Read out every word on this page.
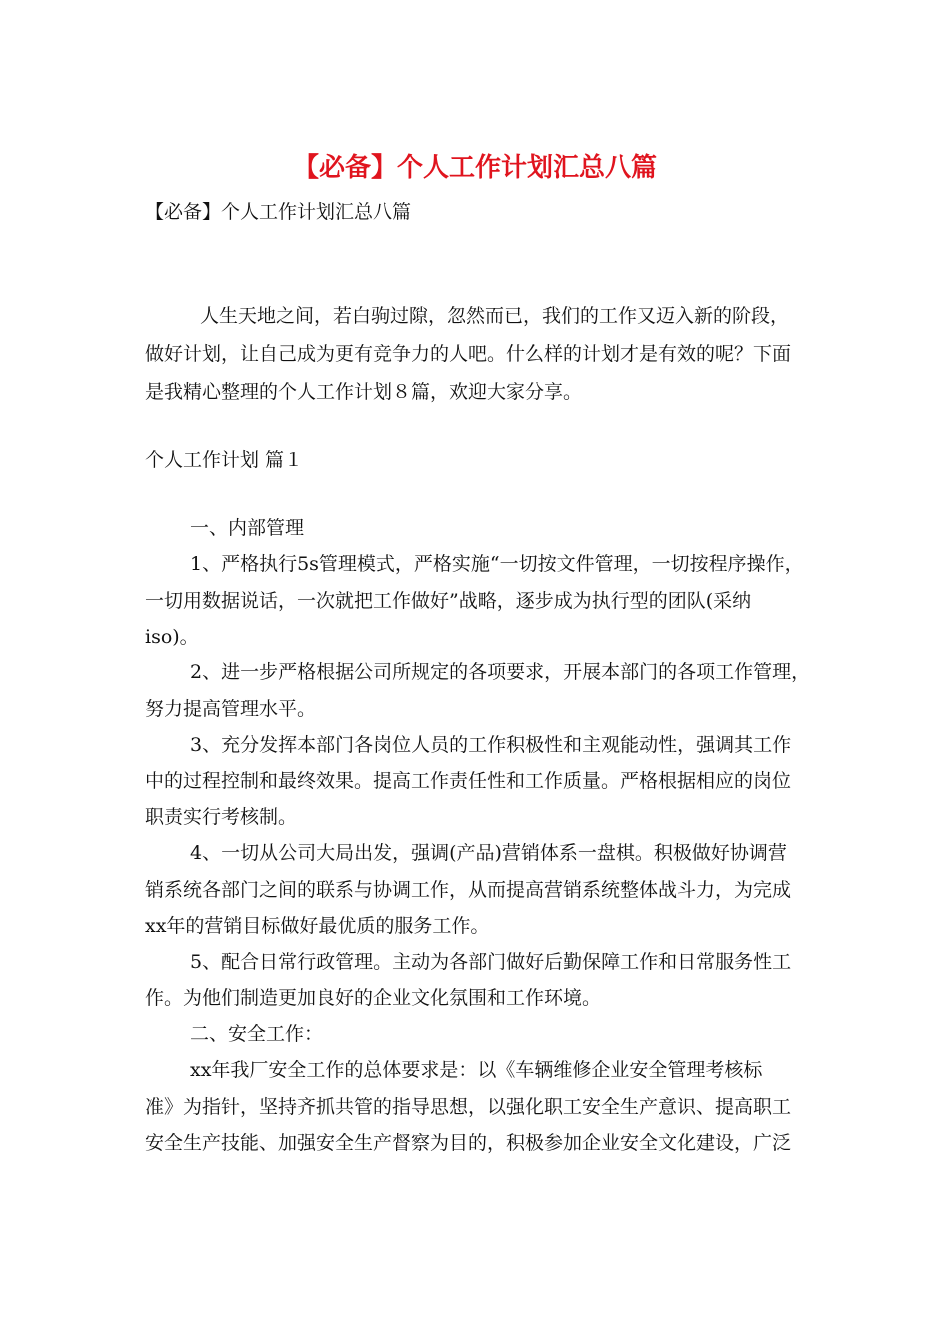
【必备】个人工作计划汇总八篇

【必备】个人工作计划汇总八篇

人生天地之间，若白驹过隙，忽然而已，我们的工作又迈入新的阶段，

做好计划，让自己成为更有竞争力的人吧。什么样的计划才是有效的呢？下面

是我精心整理的个人工作计划８篇，欢迎大家分享。

个人工作计划 篇１

一、内部管理

1、严格执行5s管理模式，严格实施“一切按文件管理，一切按程序操作，

一切用数据说话，一次就把工作做好”战略，逐步成为执行型的团队(采纳

iso)。

2、进一步严格根据公司所规定的各项要求，开展本部门的各项工作管理，

努力提高管理水平。

3、充分发挥本部门各岗位人员的工作积极性和主观能动性，强调其工作

中的过程控制和最终效果。提高工作责任性和工作质量。严格根据相应的岗位

职责实行考核制。

4、一切从公司大局出发，强调(产品)营销体系一盘棋。积极做好协调营

销系统各部门之间的联系与协调工作，从而提高营销系统整体战斗力，为完成

xx年的营销目标做好最优质的服务工作。

5、配合日常行政管理。主动为各部门做好后勤保障工作和日常服务性工

作。为他们制造更加良好的企业文化氛围和工作环境。

二、安全工作：

xx年我厂安全工作的总体要求是：以《车辆维修企业安全管理考核标

准》为指针，坚持齐抓共管的指导思想，以强化职工安全生产意识、提高职工

安全生产技能、加强安全生产督察为目的，积极参加企业安全文化建设，广泛
